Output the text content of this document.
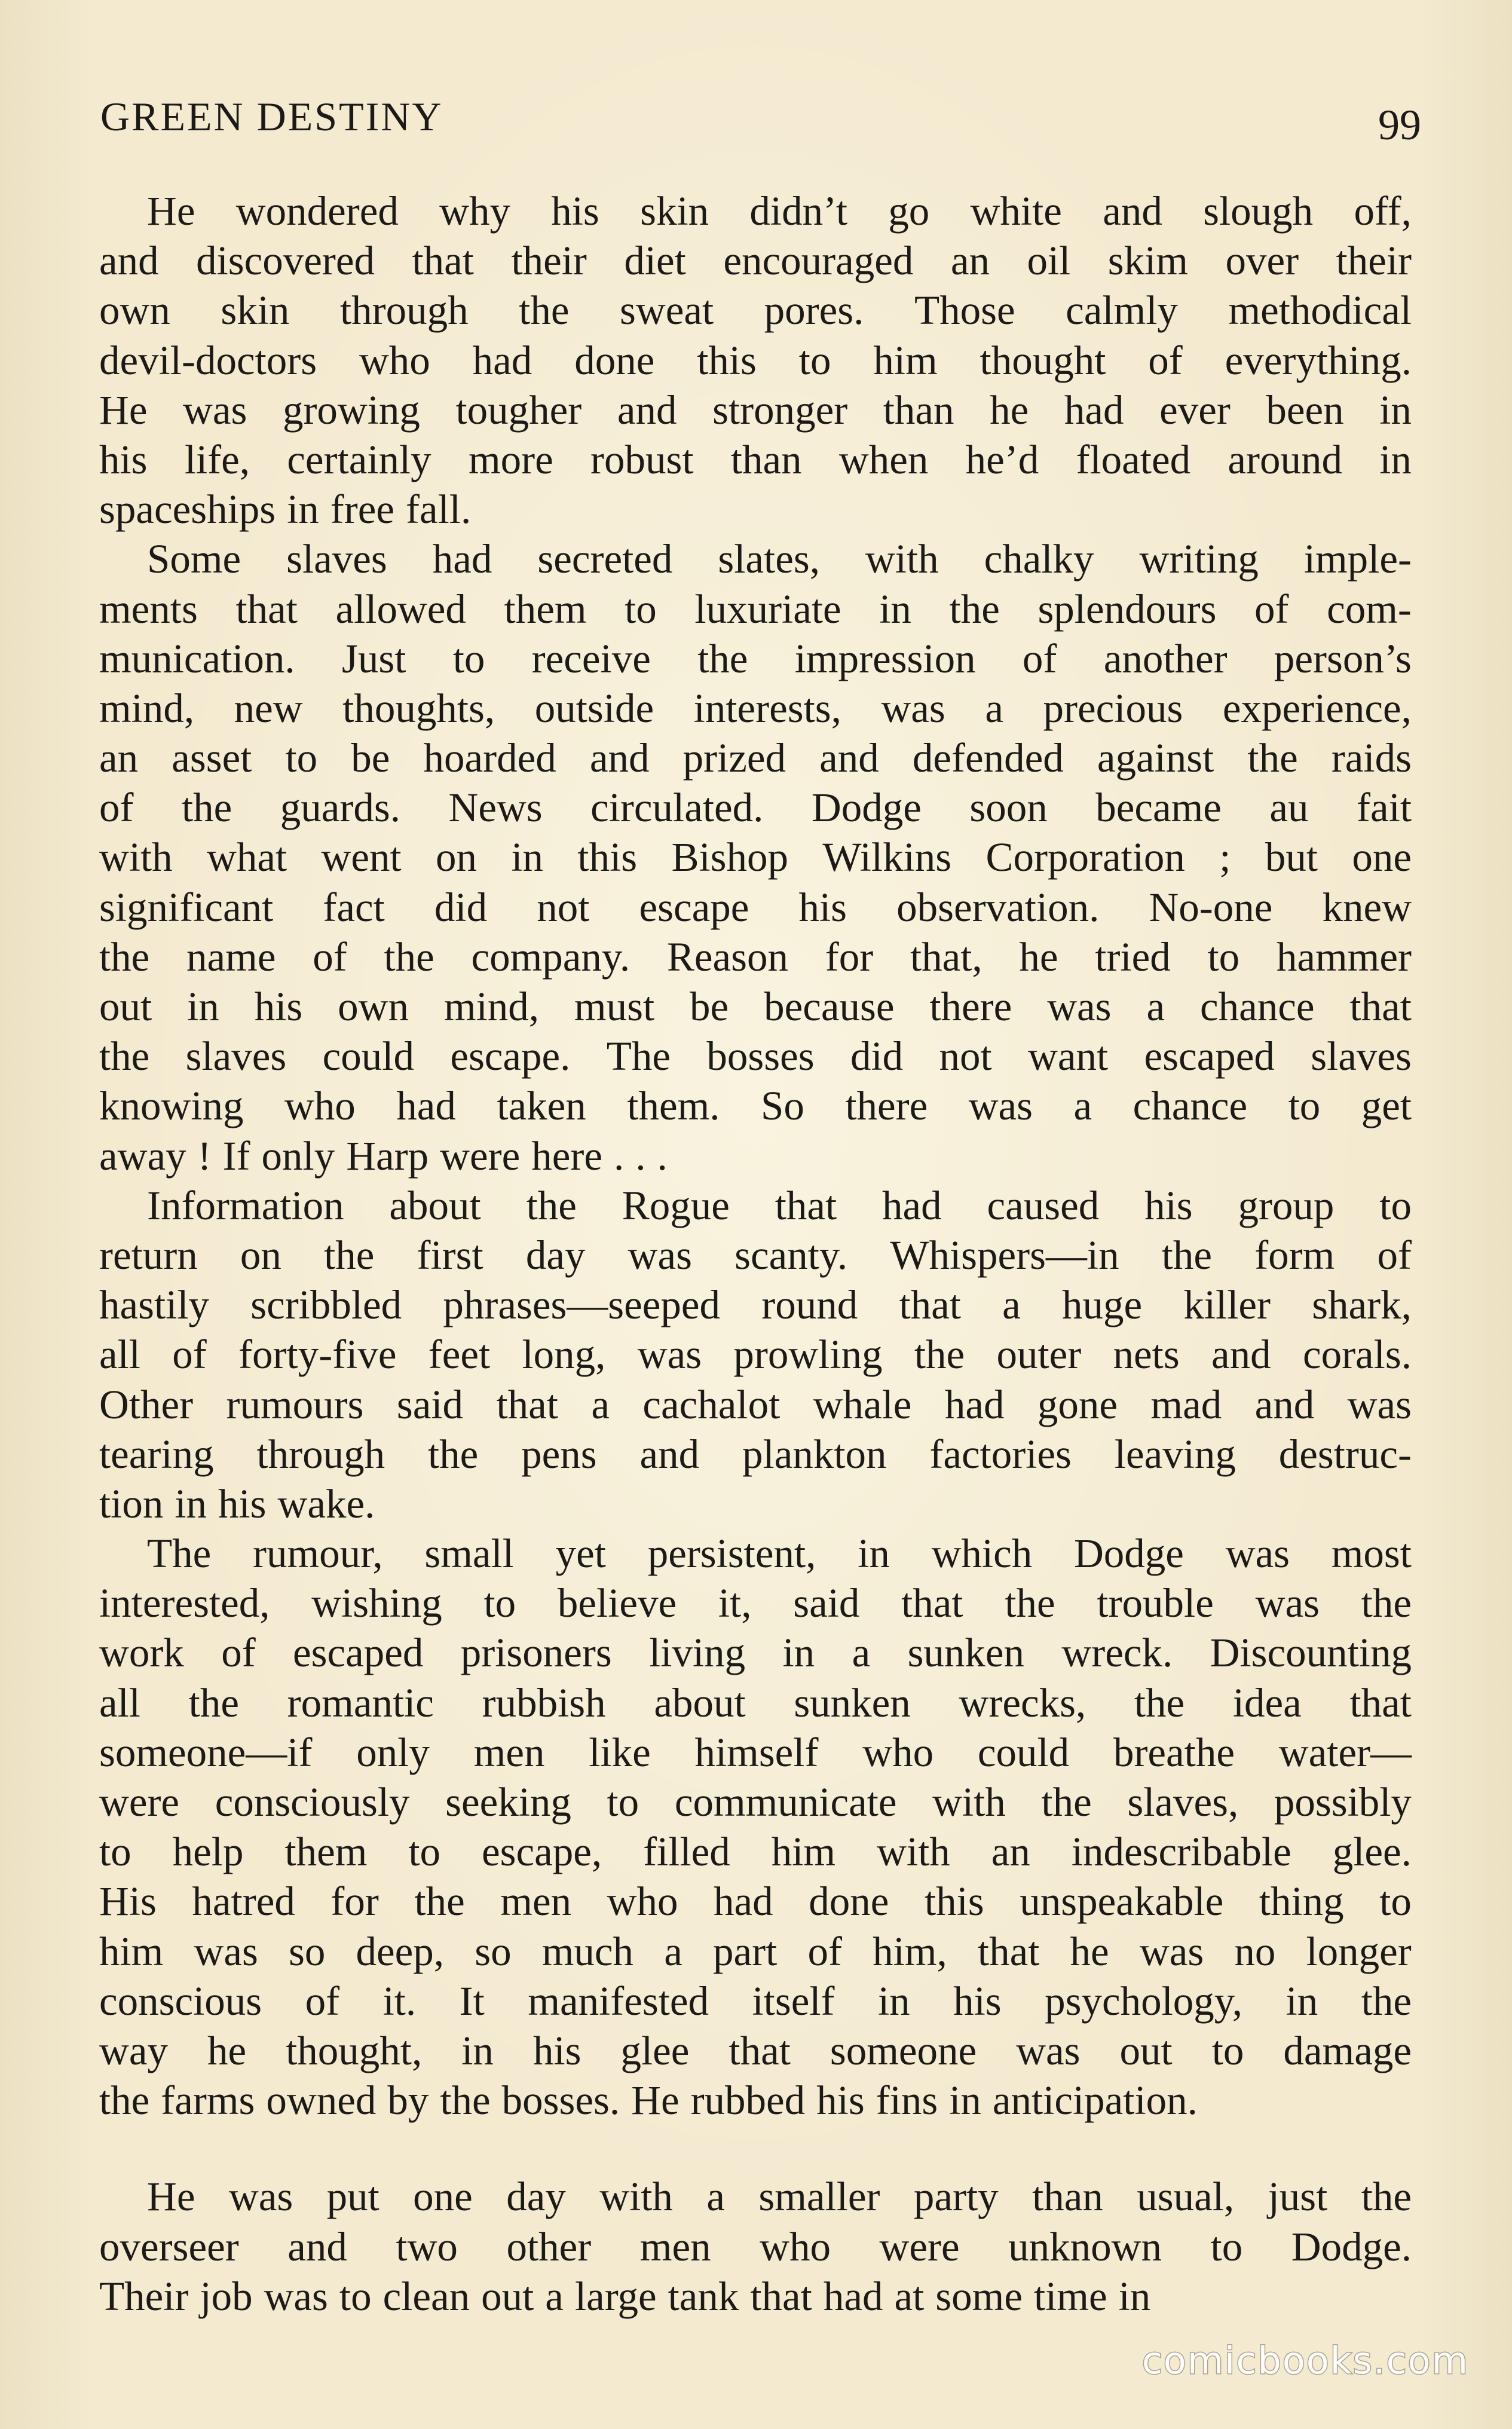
GREEN DESTINY	99
He wondered why his skin didn’t go white and slough off,
and discovered that their diet encouraged an oil skim over their
own skin through the sweat pores. Those calmly methodical
devil-doctors who had done this to him thought of everything.
He was growing tougher and stronger than he had ever been in
his life, certainly more robust than when he’d floated around in
spaceships in free fall.
Some slaves had secreted slates, with chalky writing imple-
ments that allowed them to luxuriate in the splendours of com-
munication. Just to receive the impression of another person’s
mind, new thoughts, outside interests, was a precious experience,
an asset to be hoarded and prized and defended against the raids
of the guards. News circulated. Dodge soon became au fait
with what went on in this Bishop Wilkins Corporation ; but one
significant fact did not escape his observation. No-one knew
the name of the company. Reason for that, he tried to hammer
out in his own mind, must be because there was a chance that
the slaves could escape. The bosses did not want escaped slaves
knowing who had taken them. So there was a chance to get
away ! If only Harp were here . . .
Information about the Rogue that had caused his group to
return on the first day was scanty. Whispers—in the form of
hastily scribbled phrases—seeped round that a huge killer shark,
all of forty-five feet long, was prowling the outer nets and corals.
Other rumours said that a cachalot whale had gone mad and was
tearing through the pens and plankton factories leaving destruc-
tion in his wake.
The rumour, small yet persistent, in which Dodge was most
interested, wishing to believe it, said that the trouble was the
work of escaped prisoners living in a sunken wreck. Discounting
all the romantic rubbish about sunken wrecks, the idea that
someone—if only men like himself who could breathe water—
were consciously seeking to communicate with the slaves, possibly
to help them to escape, filled him with an indescribable glee.
His hatred for the men who had done this unspeakable thing to
him was so deep, so much a part of him, that he was no longer
conscious of it. It manifested itself in his psychology, in the
way he thought, in his glee that someone was out to damage
the farms owned by the bosses. He rubbed his fins in anticipation.
He was put one day with a smaller party than usual, just the
overseer and two other men who were unknown to Dodge.
Their job was to clean out a large tank that had at some time in
comicbooks.com
